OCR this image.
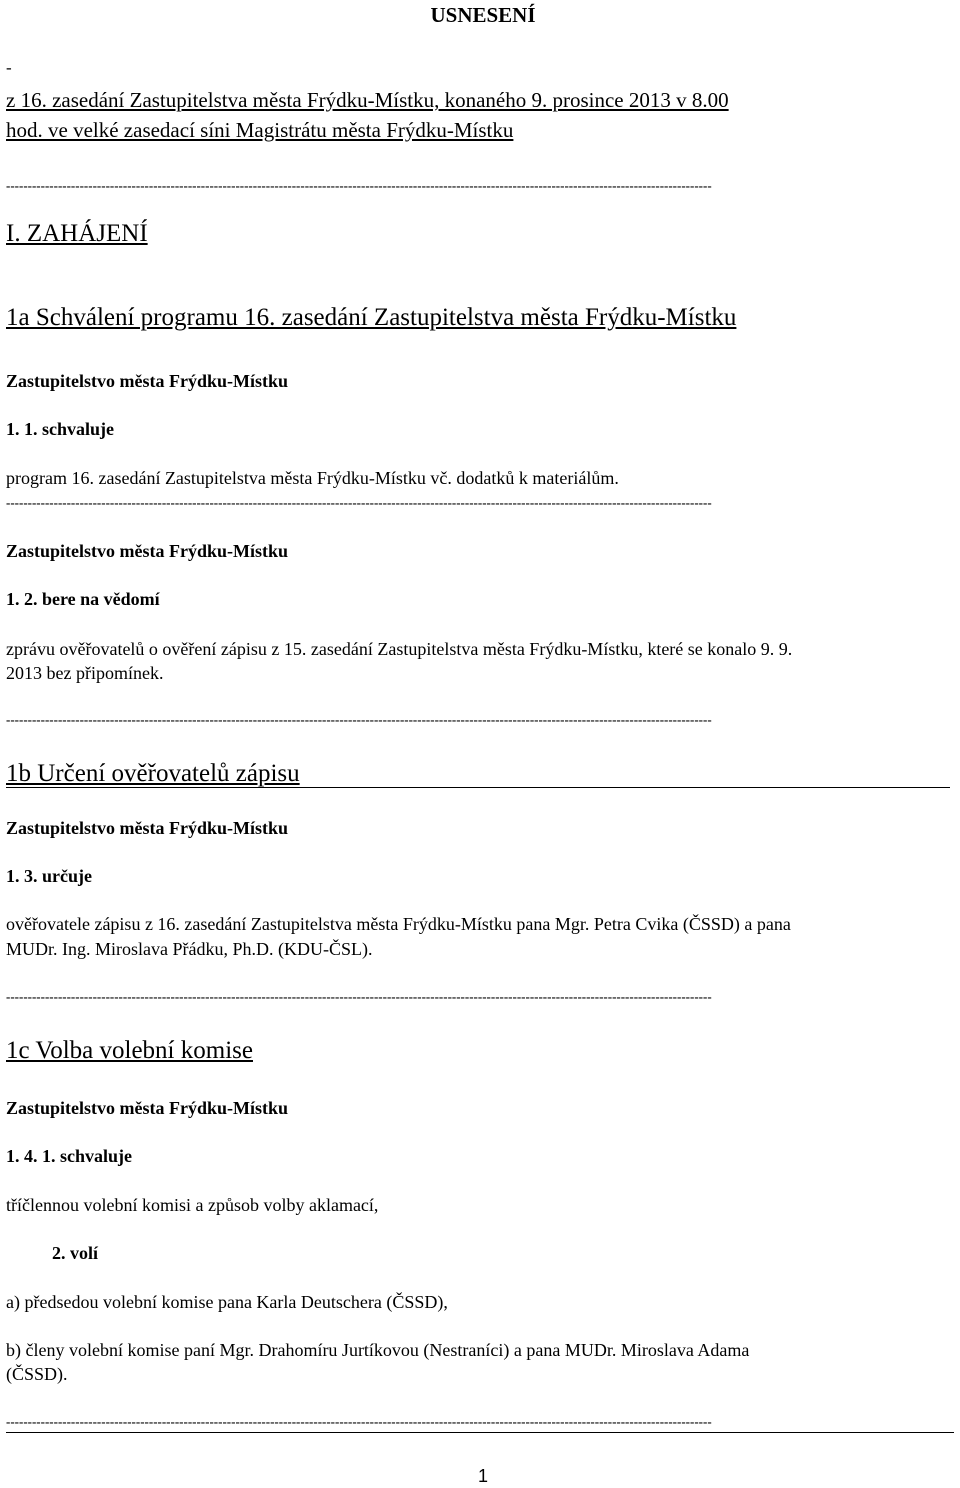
USNESENÍ
-
z 16. zasedání Zastupitelstva města Frýdku-Místku, konaného 9. prosince 2013 v 8.00
hod. ve velké zasedací síni Magistrátu města Frýdku-Místku
-------------------------------------------------------------------------------------------------------------------------------------------------------------------
I. ZAHÁJENÍ
1a Schválení programu 16. zasedání Zastupitelstva města Frýdku-Místku
Zastupitelstvo města Frýdku-Místku
1. 1. schvaluje
program 16. zasedání Zastupitelstva města Frýdku-Místku vč. dodatků k materiálům.
-------------------------------------------------------------------------------------------------------------------------------------------------------------------
Zastupitelstvo města Frýdku-Místku
1. 2. bere na vědomí
zprávu ověřovatelů o ověření zápisu z 15. zasedání Zastupitelstva města Frýdku-Místku, které se konalo 9. 9.
2013 bez připomínek.
-------------------------------------------------------------------------------------------------------------------------------------------------------------------
1b Určení ověřovatelů zápisu
Zastupitelstvo města Frýdku-Místku
1. 3. určuje
ověřovatele zápisu z 16. zasedání Zastupitelstva města Frýdku-Místku pana Mgr. Petra Cvika (ČSSD) a pana
MUDr. Ing. Miroslava Přádku, Ph.D. (KDU-ČSL).
-------------------------------------------------------------------------------------------------------------------------------------------------------------------
1c Volba volební komise
Zastupitelstvo města Frýdku-Místku
1. 4. 1. schvaluje
tříčlennou volební komisi a způsob volby aklamací,
2. volí
a) předsedou volební komise pana Karla Deutschera (ČSSD),
b) členy volební komise paní Mgr. Drahomíru Jurtíkovou (Nestraníci) a pana MUDr. Miroslava Adama
(ČSSD).
-------------------------------------------------------------------------------------------------------------------------------------------------------------------
1
